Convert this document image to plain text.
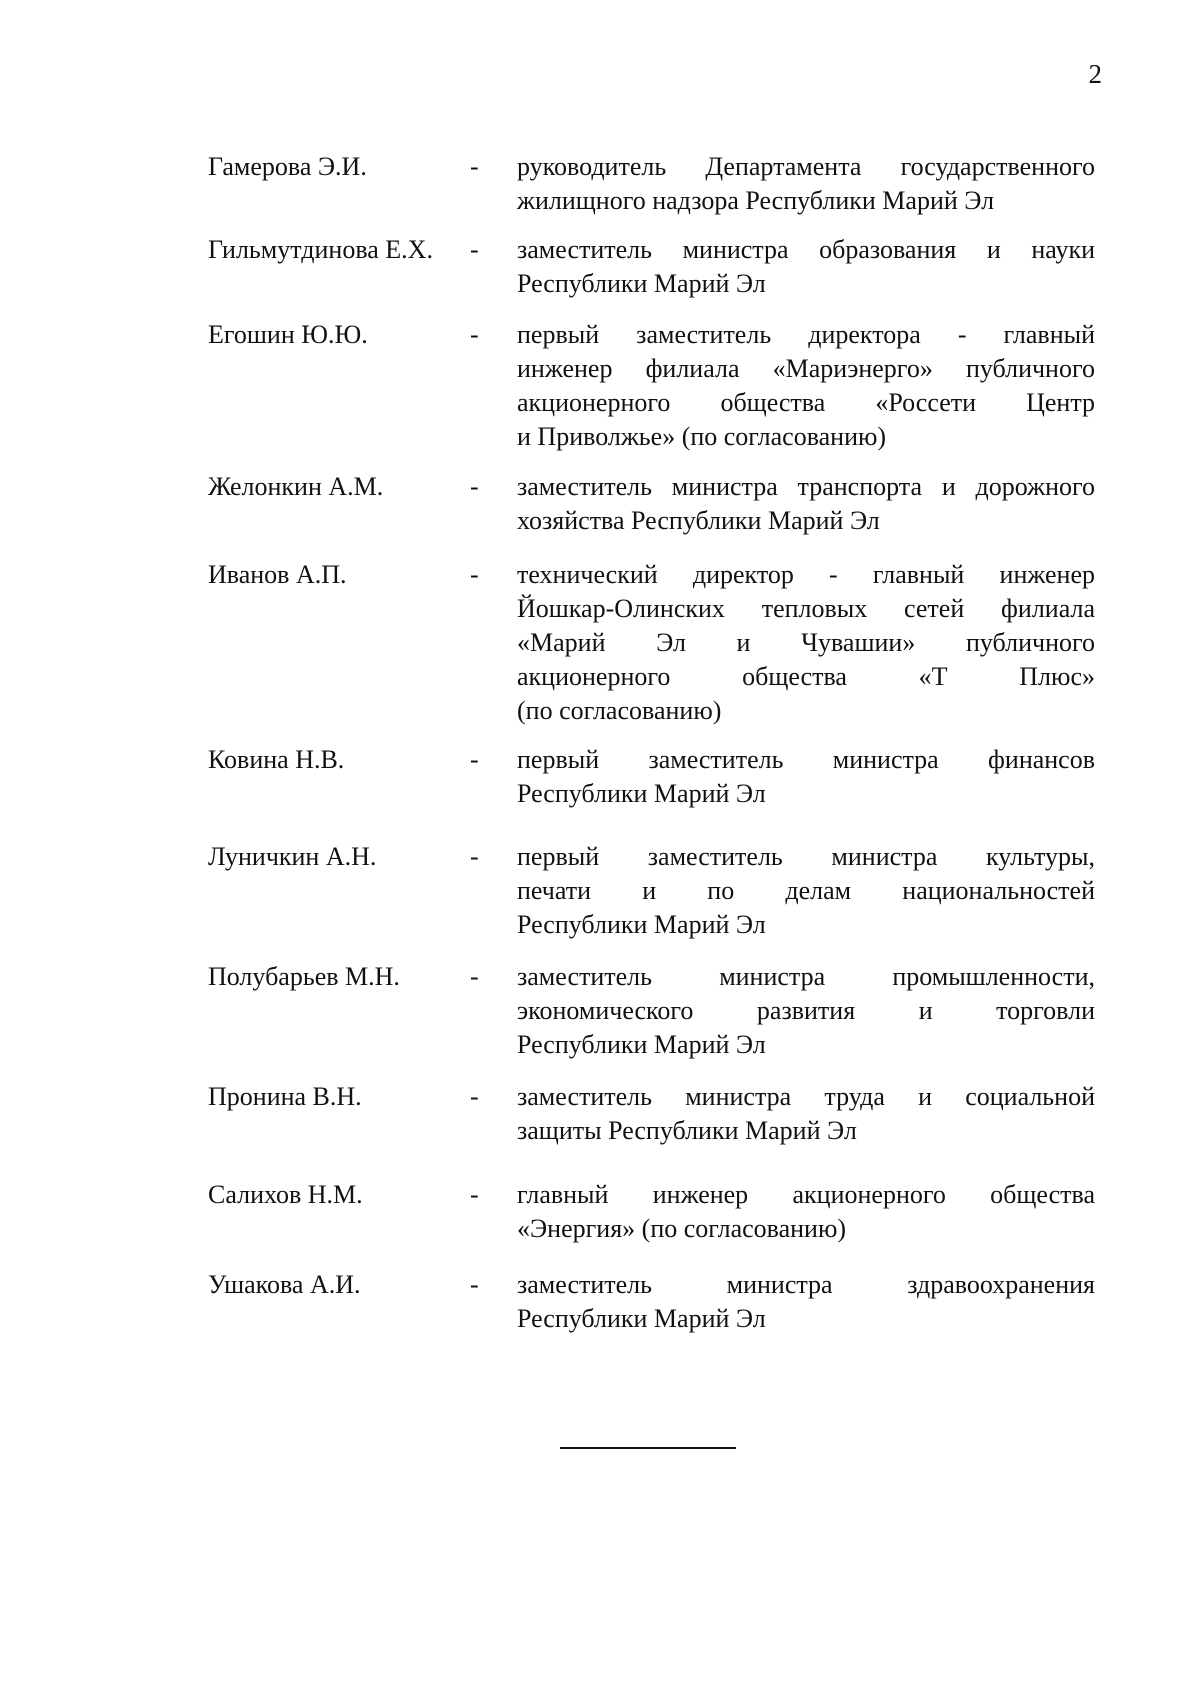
2
Гамерова Э.И.	- руководитель Департамента государственного
жилищного надзора Республики Марий Эл
Гильмутдинова Е.Х.	- заместитель министра образования и науки
Республики Марий Эл
Егошин Ю.Ю.	- первый заместитель директора - главный
инженер филиала «Мариэнерго» публичного
акционерного общества «Россети Центр
и Приволжье» (по согласованию)
Желонкин А.М.	- заместитель министра транспорта и дорожного
хозяйства Республики Марий Эл
Иванов А.П.	- технический директор - главный инженер
Йошкар-Олинских тепловых сетей филиала
«Марий Эл и Чувашии» публичного
акционерного общества «Т Плюс»
(по согласованию)
Ковина Н.В.	- первый заместитель министра финансов
Республики Марий Эл
Луничкин А.Н.	- первый заместитель министра культуры,
печати и по делам национальностей
Республики Марий Эл
Полубарьев М.Н.	- заместитель министра промышленности,
экономического развития и торговли
Республики Марий Эл
Пронина В.Н.	- заместитель министра труда и социальной
защиты Республики Марий Эл
Салихов Н.М.	- главный инженер акционерного общества
«Энергия» (по согласованию)
Ушакова А.И.	- заместитель министра здравоохранения
Республики Марий Эл
